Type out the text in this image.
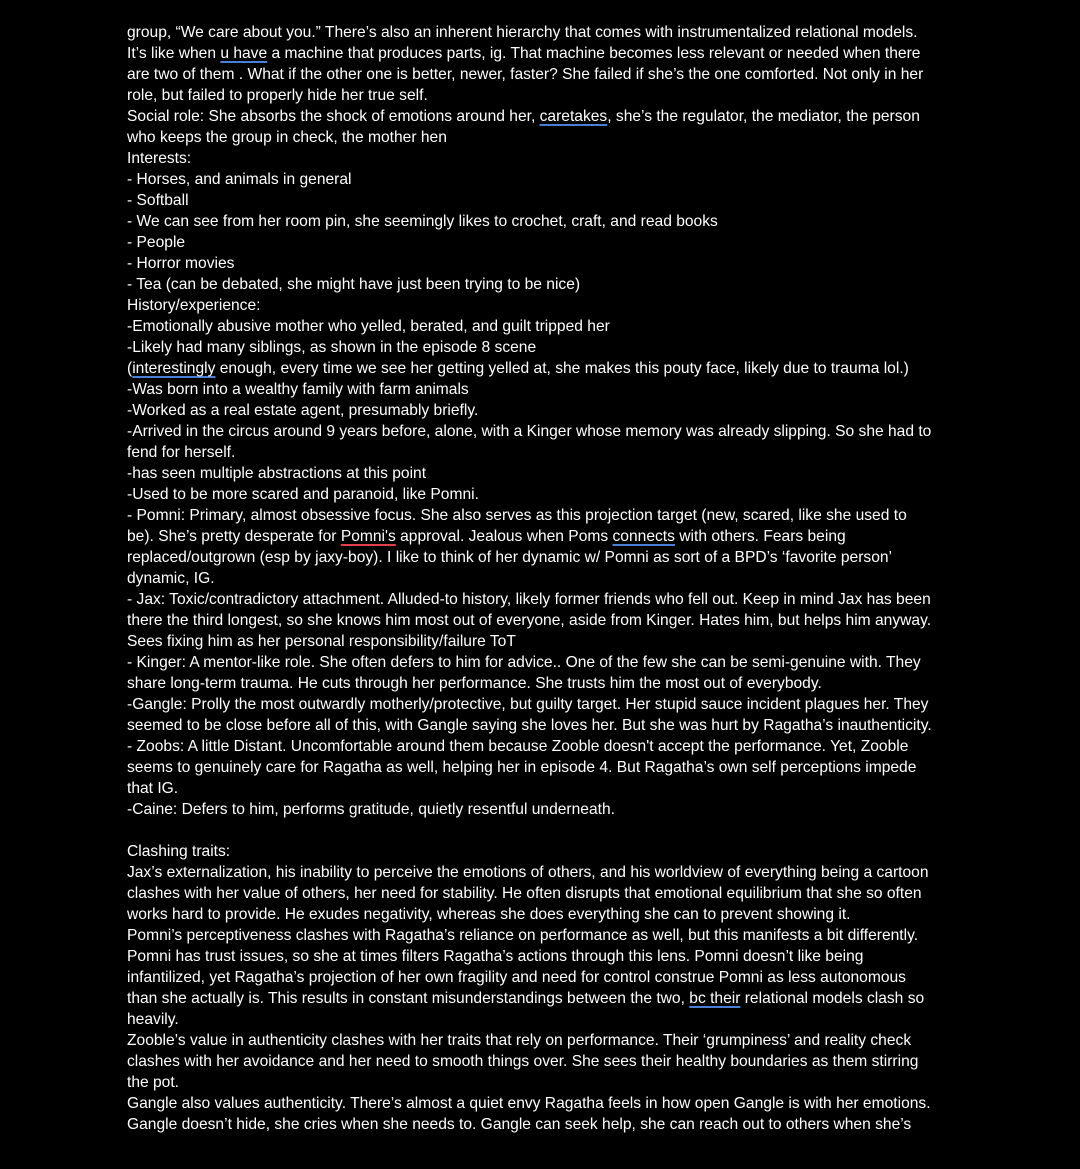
group, “We care about you.” There’s also an inherent hierarchy that comes with instrumentalized relational models.
It’s like when u have a machine that produces parts, ig. That machine becomes less relevant or needed when there
are two of them . What if the other one is better, newer, faster? She failed if she’s the one comforted. Not only in her
role, but failed to properly hide her true self.
Social role: She absorbs the shock of emotions around her, caretakes, she’s the regulator, the mediator, the person
who keeps the group in check, the mother hen
Interests:
- Horses, and animals in general
- Softball
- We can see from her room pin, she seemingly likes to crochet, craft, and read books
- People
- Horror movies
- Tea (can be debated, she might have just been trying to be nice)
History/experience:
-Emotionally abusive mother who yelled, berated, and guilt tripped her
-Likely had many siblings, as shown in the episode 8 scene
(interestingly enough, every time we see her getting yelled at, she makes this pouty face, likely due to trauma lol.)
-Was born into a wealthy family with farm animals
-Worked as a real estate agent, presumably briefly.
-Arrived in the circus around 9 years before, alone, with a Kinger whose memory was already slipping. So she had to
fend for herself.
-has seen multiple abstractions at this point
-Used to be more scared and paranoid, like Pomni.
- Pomni: Primary, almost obsessive focus. She also serves as this projection target (new, scared, like she used to
be). She’s pretty desperate for Pomni's approval. Jealous when Poms connects with others. Fears being
replaced/outgrown (esp by jaxy-boy). I like to think of her dynamic w/ Pomni as sort of a BPD’s ‘favorite person’
dynamic, IG.
- Jax: Toxic/contradictory attachment. Alluded-to history, likely former friends who fell out. Keep in mind Jax has been
there the third longest, so she knows him most out of everyone, aside from Kinger. Hates him, but helps him anyway.
Sees fixing him as her personal responsibility/failure ToT
- Kinger: A mentor-like role. She often defers to him for advice.. One of the few she can be semi-genuine with. They
share long-term trauma. He cuts through her performance. She trusts him the most out of everybody.
-Gangle: Prolly the most outwardly motherly/protective, but guilty target. Her stupid sauce incident plagues her. They
seemed to be close before all of this, with Gangle saying she loves her. But she was hurt by Ragatha’s inauthenticity.
- Zoobs: A little Distant. Uncomfortable around them because Zooble doesn't accept the performance. Yet, Zooble
seems to genuinely care for Ragatha as well, helping her in episode 4. But Ragatha’s own self perceptions impede
that IG.
-Caine: Defers to him, performs gratitude, quietly resentful underneath.
Clashing traits:
Jax’s externalization, his inability to perceive the emotions of others, and his worldview of everything being a cartoon
clashes with her value of others, her need for stability. He often disrupts that emotional equilibrium that she so often
works hard to provide. He exudes negativity, whereas she does everything she can to prevent showing it.
Pomni’s perceptiveness clashes with Ragatha’s reliance on performance as well, but this manifests a bit differently.
Pomni has trust issues, so she at times filters Ragatha’s actions through this lens. Pomni doesn’t like being
infantilized, yet Ragatha’s projection of her own fragility and need for control construe Pomni as less autonomous
than she actually is. This results in constant misunderstandings between the two, bc their relational models clash so
heavily.
Zooble’s value in authenticity clashes with her traits that rely on performance. Their ‘grumpiness’ and reality check
clashes with her avoidance and her need to smooth things over. She sees their healthy boundaries as them stirring
the pot.
Gangle also values authenticity. There’s almost a quiet envy Ragatha feels in how open Gangle is with her emotions.
Gangle doesn’t hide, she cries when she needs to. Gangle can seek help, she can reach out to others when she’s
